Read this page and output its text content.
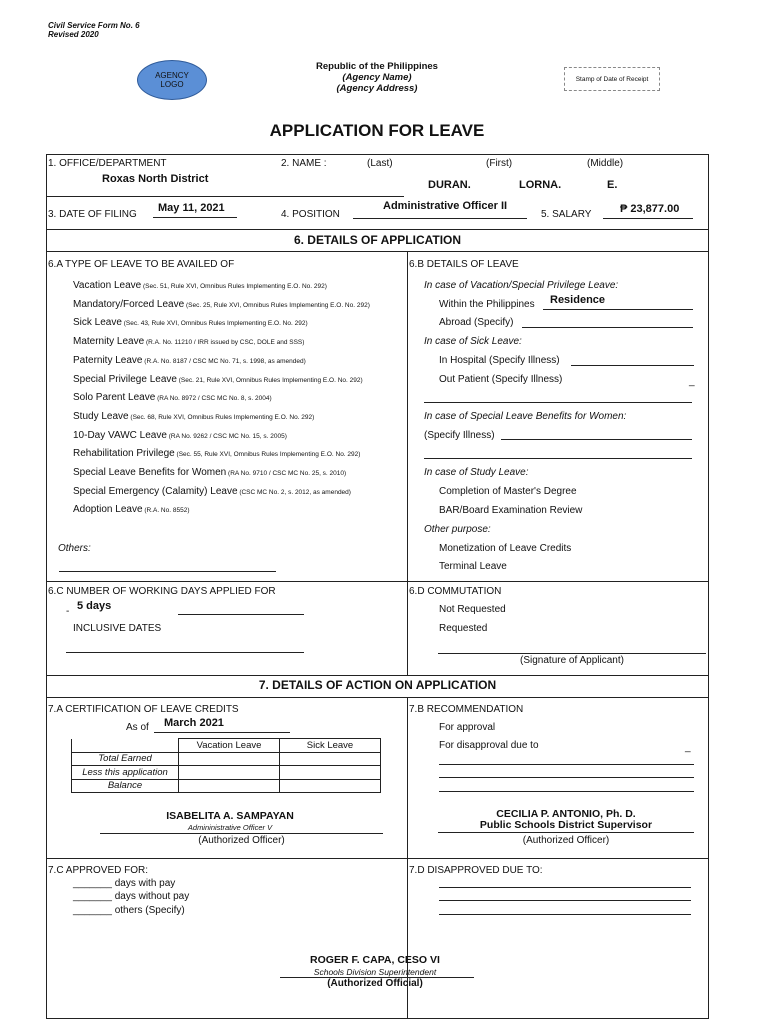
Civil Service Form No. 6
Revised 2020
AGENCY
LOGO
Republic of the Philippines
(Agency Name)
(Agency Address)
Stamp of Date of Receipt
APPLICATION FOR LEAVE
1. OFFICE/DEPARTMENT
Roxas North District
2. NAME :	(Last)	(First)	(Middle)
DURAN.	LORNA.	E.
3. DATE OF FILING
May 11, 2021
4. POSITION
Administrative Officer II
5. SALARY	₱ 23,877.00
6. DETAILS OF APPLICATION
6.A TYPE OF LEAVE TO BE AVAILED OF
Vacation Leave (Sec. 51, Rule XVI, Omnibus Rules Implementing E.O. No. 292)
Mandatory/Forced Leave (Sec. 25, Rule XVI, Omnibus Rules Implementing E.O. No. 292)
Sick Leave (Sec. 43, Rule XVI, Omnibus Rules Implementing E.O. No. 292)
Maternity Leave (R.A. No. 11210 / IRR issued by CSC, DOLE and SSS)
Paternity Leave (R.A. No. 8187 / CSC MC No. 71, s. 1998, as amended)
Special Privilege Leave (Sec. 21, Rule XVI, Omnibus Rules Implementing E.O. No. 292)
Solo Parent Leave (RA No. 8972 / CSC MC No. 8, s. 2004)
Study Leave (Sec. 68, Rule XVI, Omnibus Rules Implementing E.O. No. 292)
10-Day VAWC Leave (RA No. 9262 / CSC MC No. 15, s. 2005)
Rehabilitation Privilege (Sec. 55, Rule XVI, Omnibus Rules Implementing E.O. No. 292)
Special Leave Benefits for Women (RA No. 9710 / CSC MC No. 25, s. 2010)
Special Emergency (Calamity) Leave (CSC MC No. 2, s. 2012, as amended)
Adoption Leave (R.A. No. 8552)
Others:
6.B DETAILS OF LEAVE
In case of Vacation/Special Privilege Leave:
Within the Philippines Residence
Abroad (Specify)
In case of Sick Leave:
In Hospital (Specify Illness)
Out Patient (Specify Illness)	_
In case of Special Leave Benefits for Women:
(Specify Illness)
In case of Study Leave:
Completion of Master's Degree
BAR/Board Examination Review
Other purpose:
Monetization of Leave Credits
Terminal Leave
6.C NUMBER OF WORKING DAYS APPLIED FOR
- 5 days
INCLUSIVE DATES
6.D COMMUTATION
Not Requested
Requested
(Signature of Applicant)
7. DETAILS OF ACTION ON APPLICATION
7.A CERTIFICATION OF LEAVE CREDITS
As of March 2021
	Vacation Leave	Sick Leave
Total Earned		
Less this application		
Balance		
ISABELITA A. SAMPAYAN
Admininistrative Officer V
(Authorized Officer)
7.B RECOMMENDATION
For approval
For disapproval due to	_
CECILIA P. ANTONIO, Ph. D.
Public Schools District Supervisor
(Authorized Officer)
7.C APPROVED FOR:
_______ days with pay
_______ days without pay
_______ others (Specify)
7.D DISAPPROVED DUE TO:
ROGER F. CAPA, CESO VI
Schools Division Superintendent
(Authorized Official)
